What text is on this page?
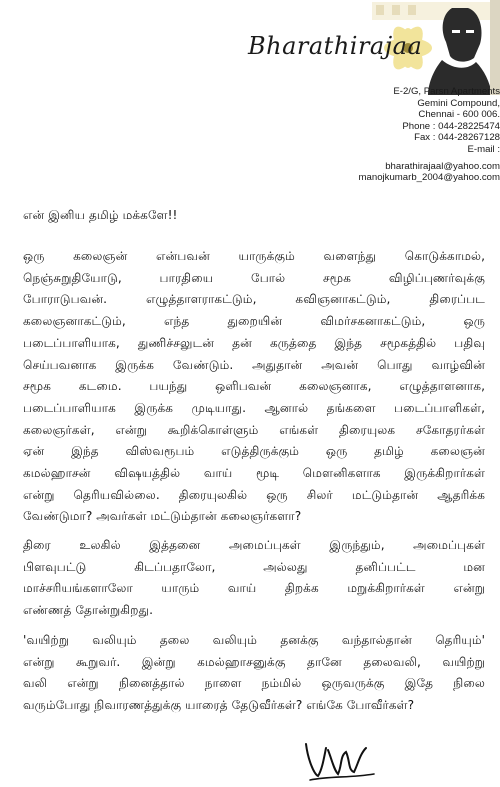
Bharathirajaa
E-2/G, Parsn Apartments
Gemini Compound,
Chennai - 600 006.
Phone : 044-28225474
Fax : 044-28267128
E-mail :
bharathirajaal@yahoo.com
manojkumarb_2004@yahoo.com
என் இனிய தமிழ் மக்களே!!
ஒரு கலைஞன் என்பவன் யாருக்கும் வளைந்து கொடுக்காமல்,
நெஞ்சுறுதியோடு, பாரதியை போல் சமூக விழிப்புணர்வுக்கு
போராடுபவன். எழுத்தாளராகட்டும், கவிஞனாகட்டும், திரைப்பட
கலைஞனாகட்டும், எந்த துறையின் விமர்சகனாகட்டும், ஒரு
படைப்பாளியாக, துணிச்சலுடன் தன் கருத்தை இந்த சமூகத்தில் பதிவு
செய்பவனாக இருக்க வேண்டும். அதுதான் அவன் பொது வாழ்வின்
சமூக கடமை. பயந்து ஒளிபவன் கலைஞனாக, எழுத்தாளனாக,
படைப்பாளியாக இருக்க முடியாது. ஆனால் தங்களை படைப்பாளிகள்,
கலைஞர்கள், என்று கூறிக்கொள்ளும் எங்கள் திரையுலக சகோதரர்கள்
ஏன் இந்த விஸ்வரூபம் எடுத்திருக்கும் ஒரு தமிழ் கலைஞன்
கமல்ஹாசன் விஷயத்தில் வாய் மூடி மௌனிகளாக இருக்கிறார்கள்
என்று தெரியவில்லை. திரையுலகில் ஒரு சிலர் மட்டும்தான் ஆதரிக்க
வேண்டுமா? அவர்கள் மட்டும்தான் கலைஞர்களா?
திரை உலகில் இத்தனை அமைப்புகள் இருந்தும், அமைப்புகள்
பிளவுபட்டு கிடப்பதாலோ, அல்லது தனிப்பட்ட மன
மாச்சரியங்களாலோ யாரும் வாய் திறக்க மறுக்கிறார்கள் என்று
எண்ணத் தோன்றுகிறது.
'வயிற்று வலியும் தலை வலியும் தனக்கு வந்தால்தான் தெரியும்'
என்று கூறுவர். இன்று கமல்ஹாசனுக்கு தானே தலைவலி, வயிற்று
வலி என்று நினைத்தால் நாளை நம்மில் ஒருவருக்கு இதே நிலை
வரும்போது நிவாரணத்துக்கு யாரைத் தேடுவீர்கள்? எங்கே போவீர்கள்?
